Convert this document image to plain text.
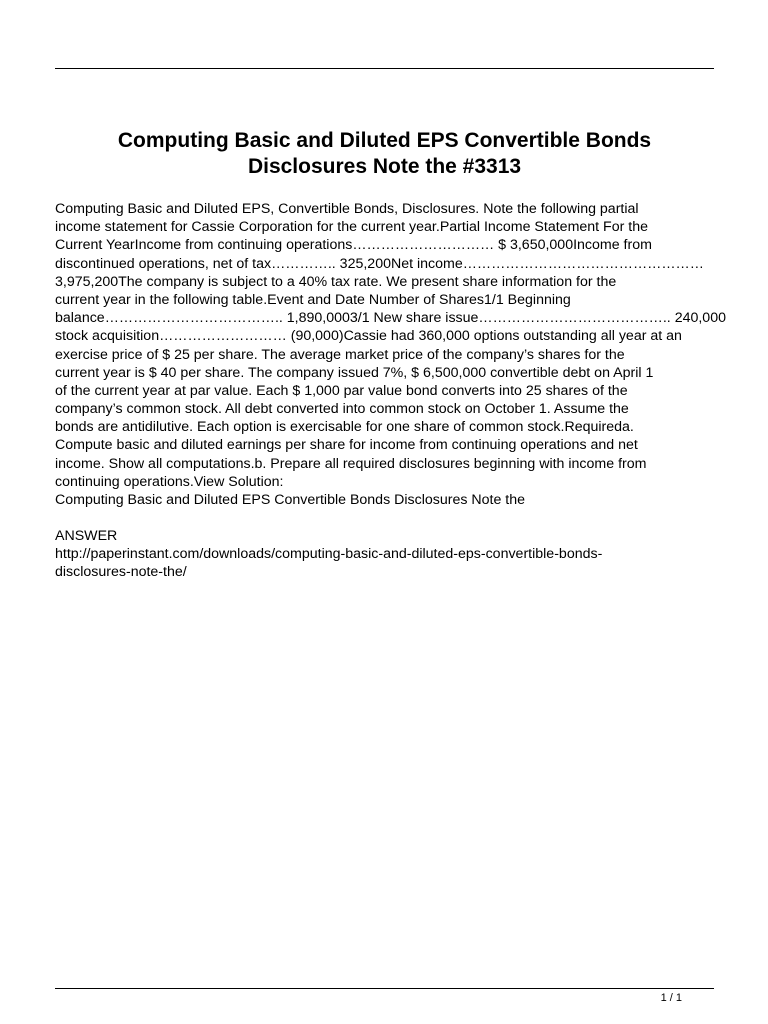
Computing Basic and Diluted EPS Convertible Bonds
Disclosures Note the #3313
Computing Basic and Diluted EPS, Convertible Bonds, Disclosures. Note the following partial
income statement for Cassie Corporation for the current year.Partial Income Statement For the
Current YearIncome from continuing operations………………………… $ 3,650,000Income from
discontinued operations, net of tax………….. 325,200Net income……………………………………………
3,975,200The company is subject to a 40% tax rate. We present share information for the
current year in the following table.Event and Date Number of Shares1/1 Beginning
balance……………………………….. 1,890,0003/1 New share issue………………………………….. 240,000
stock acquisition……………………… (90,000)Cassie had 360,000 options outstanding all year at an
exercise price of $ 25 per share. The average market price of the company’s shares for the
current year is $ 40 per share. The company issued 7%, $ 6,500,000 convertible debt on April 1
of the current year at par value. Each $ 1,000 par value bond converts into 25 shares of the
company’s common stock. All debt converted into common stock on October 1. Assume the
bonds are antidilutive. Each option is exercisable for one share of common stock.Requireda.
Compute basic and diluted earnings per share for income from continuing operations and net
income. Show all computations.b. Prepare all required disclosures beginning with income from
continuing operations.View Solution:
Computing Basic and Diluted EPS Convertible Bonds Disclosures Note the
ANSWER
http://paperinstant.com/downloads/computing-basic-and-diluted-eps-convertible-bonds-
disclosures-note-the/
1 / 1
